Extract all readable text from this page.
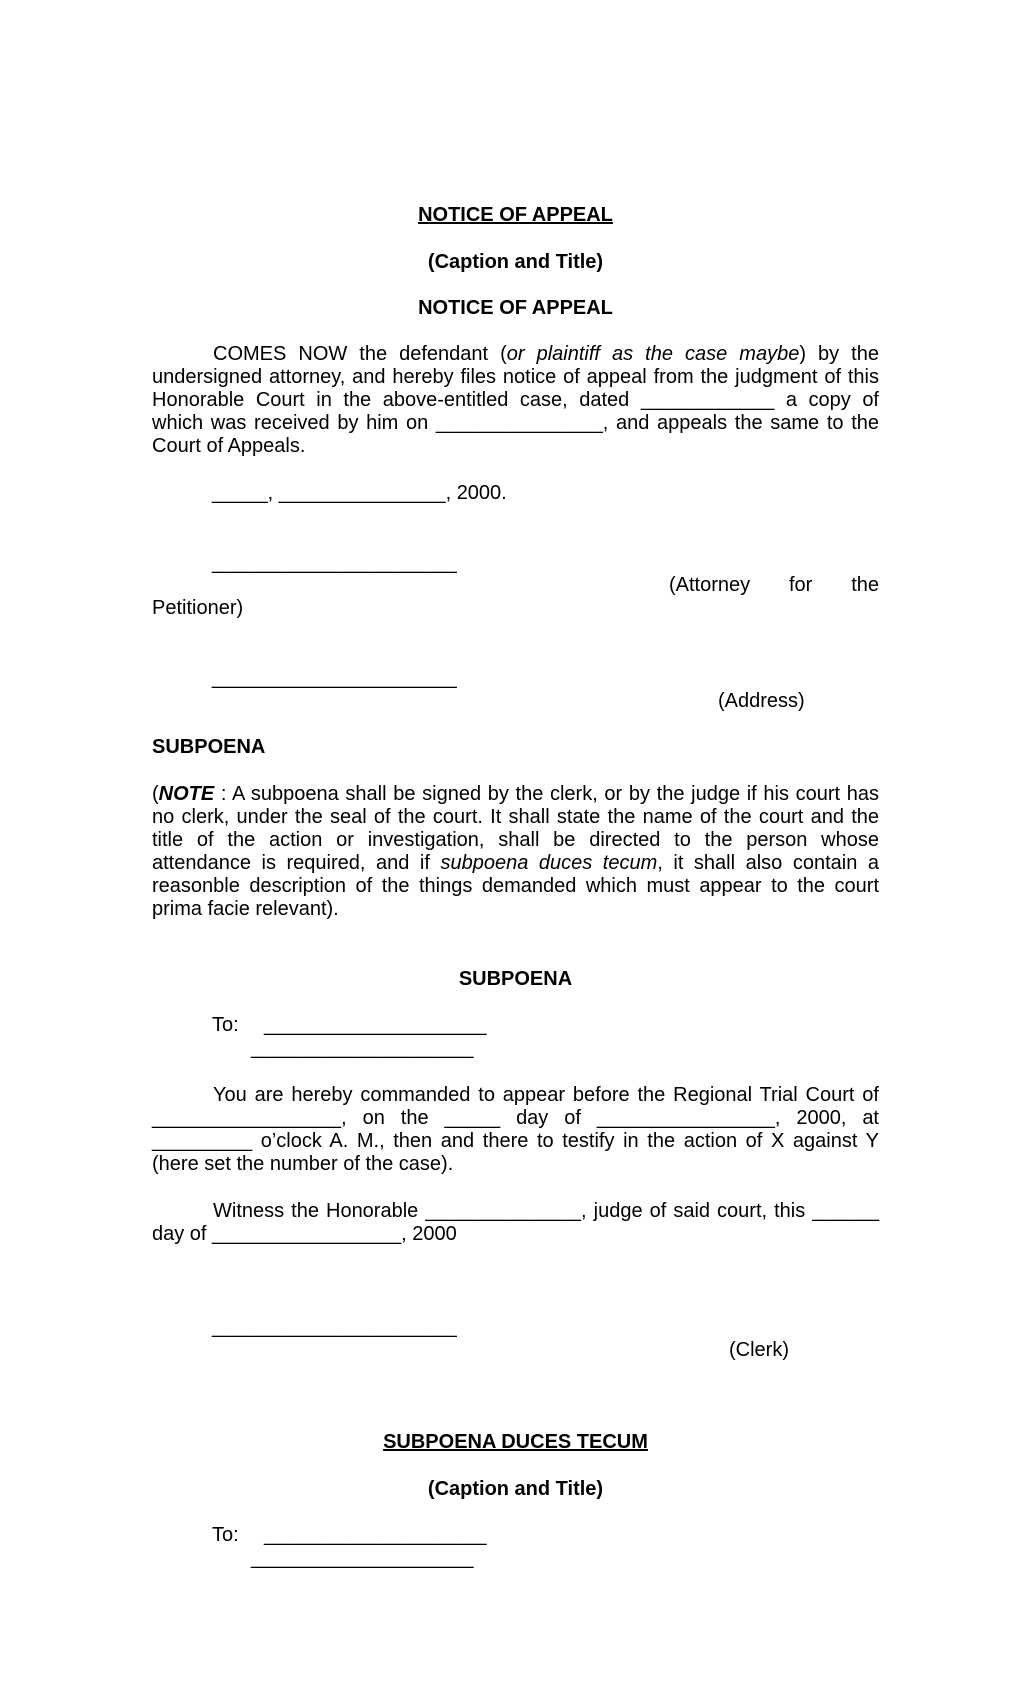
NOTICE OF APPEAL
(Caption and Title)
NOTICE OF APPEAL
COMES NOW the defendant (or plaintiff as the case maybe) by the
undersigned attorney, and hereby files notice of appeal from the judgment of this
Honorable Court in the above-entitled case, dated ____________ a copy of
which was received by him on _______________, and appeals the same to the
Court of Appeals.
_____, _______________, 2000.
______________________
(Attorney for the
Petitioner)
______________________
(Address)
SUBPOENA
(NOTE : A subpoena shall be signed by the clerk, or by the judge if his court has
no clerk, under the seal of the court. It shall state the name of the court and the
title of the action or investigation, shall be directed to the person whose
attendance is required, and if subpoena duces tecum, it shall also contain a
reasonble description of the things demanded which must appear to the court
prima facie relevant).
SUBPOENA
To: ____________________
____________________
You are hereby commanded to appear before the Regional Trial Court of
_________________, on the _____ day of ________________, 2000, at
_________ o’clock A. M., then and there to testify in the action of X against Y
(here set the number of the case).
Witness the Honorable ______________, judge of said court, this ______
day of _________________, 2000
______________________
(Clerk)
SUBPOENA DUCES TECUM
(Caption and Title)
To: ____________________
____________________
